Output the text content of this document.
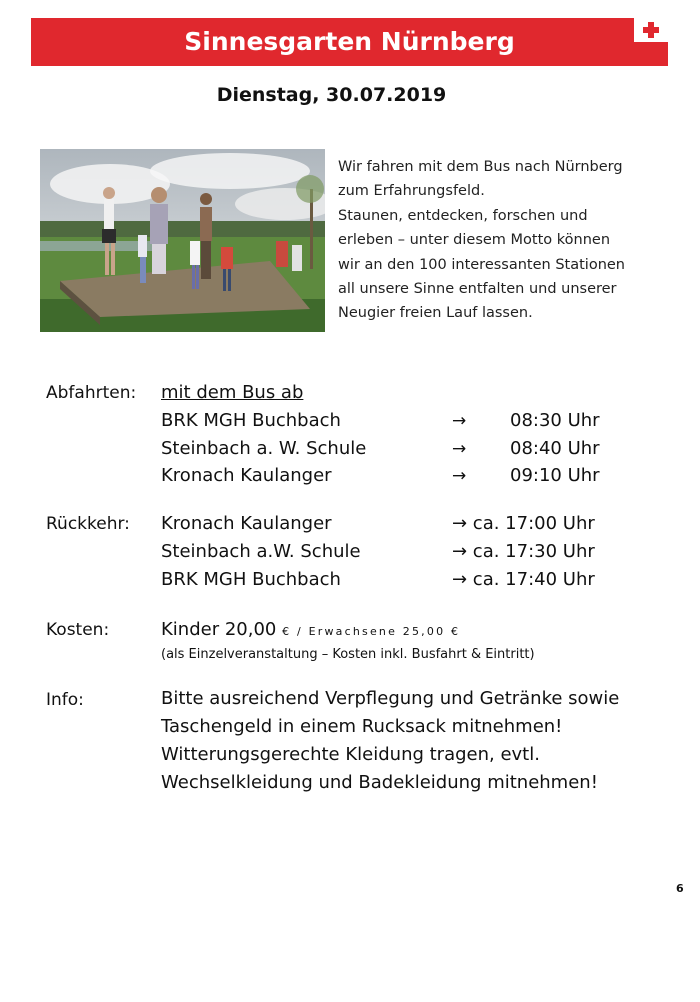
Sinnesgarten Nürnberg
Dienstag, 30.07.2019

Wir fahren mit dem Bus nach Nürnberg

zum Erfahrungsfeld.

Staunen, entdecken, forschen und

erleben – unter diesem Motto können

wir an den 100 interessanten Stationen

all unsere Sinne entfalten und unserer

Neugier freien Lauf lassen.

Abfahrten: mit dem Bus ab
BRK MGH Buchbach	→ 08:30 Uhr
Steinbach a. W. Schule	→ 08:40 Uhr
Kronach Kaulanger	→ 09:10 Uhr
Rückkehr: Kronach Kaulanger	→ ca. 17:00 Uhr
Steinbach a.W. Schule	→ ca. 17:30 Uhr
BRK MGH Buchbach	→ ca. 17:40 Uhr
Kosten:	Kinder 20,00 € / Erwachsene 25,00 €
(als Einzelveranstaltung – Kosten inkl. Busfahrt & Eintritt)
Info:	Bitte ausreichend Verpflegung und Getränke sowie
Taschengeld in einem Rucksack mitnehmen!
Witterungsgerechte Kleidung tragen, evtl.
Wechselkleidung und Badekleidung mitnehmen!
6
